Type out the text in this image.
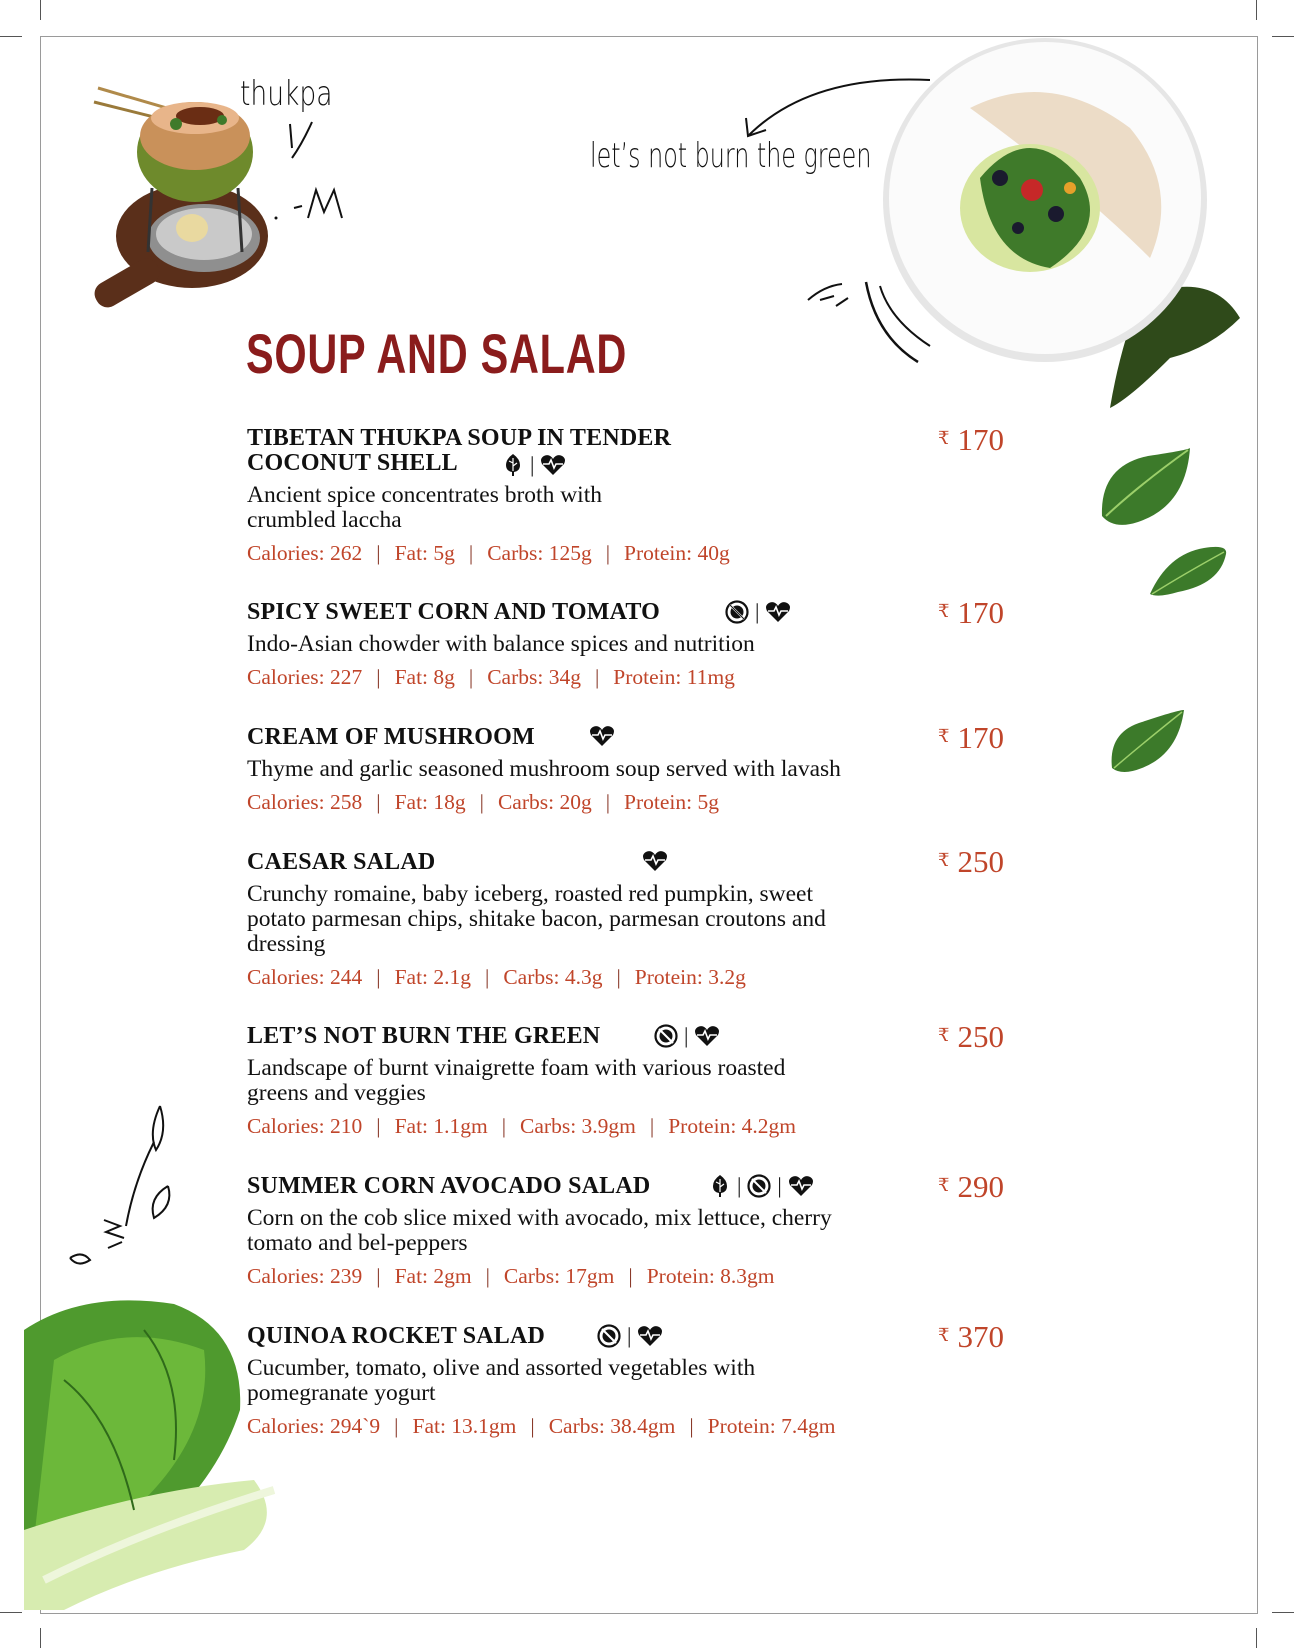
thukpa
let’s not burn the green
SOUP AND SALAD

TIBETAN THUKPA SOUP IN TENDER

COCONUT SHELL	|

Ancient spice concentrates broth with

crumbled laccha

Calories: 262 | Fat: 5g | Carbs: 125g | Protein: 40g

₹ 170

SPICY SWEET CORN AND TOMATO	|

Indo-Asian chowder with balance spices and nutrition

Calories: 227 | Fat: 8g | Carbs: 34g | Protein: 11mg

₹ 170

CREAM OF MUSHROOM

Thyme and garlic seasoned mushroom soup served with lavash

Calories: 258 | Fat: 18g | Carbs: 20g | Protein: 5g

₹ 170

CAESAR SALAD

Crunchy romaine, baby iceberg, roasted red pumpkin, sweet

potato parmesan chips, shitake bacon, parmesan croutons and

dressing

Calories: 244 | Fat: 2.1g | Carbs: 4.3g | Protein: 3.2g

₹ 250

LET’S NOT BURN THE GREEN	|

Landscape of burnt vinaigrette foam with various roasted

greens and veggies

Calories: 210 | Fat: 1.1gm | Carbs: 3.9gm | Protein: 4.2gm

₹ 250

SUMMER CORN AVOCADO SALAD	| |

Corn on the cob slice mixed with avocado, mix lettuce, cherry

tomato and bel-peppers

Calories: 239 | Fat: 2gm | Carbs: 17gm | Protein: 8.3gm

₹ 290

QUINOA ROCKET SALAD	|

Cucumber, tomato, olive and assorted vegetables with

pomegranate yogurt

Calories: 294`9 | Fat: 13.1gm | Carbs: 38.4gm | Protein: 7.4gm

₹ 370
